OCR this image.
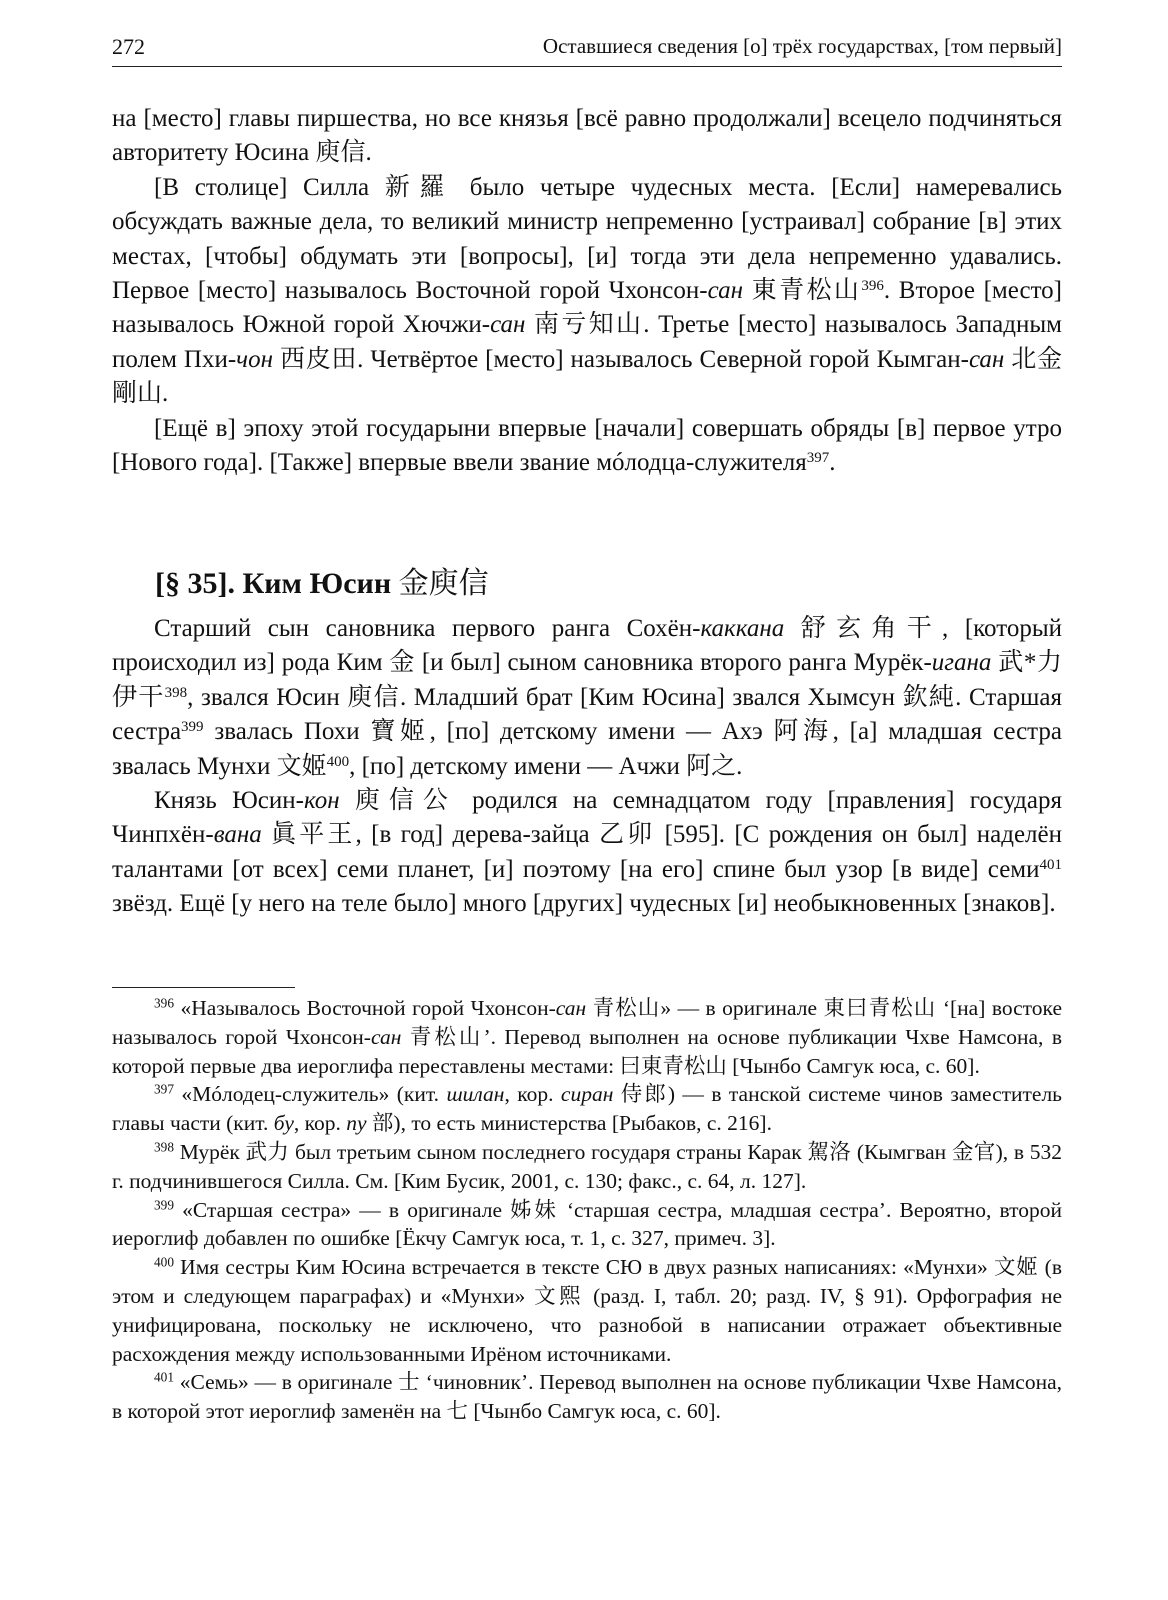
272	Оставшиеся сведения [о] трёх государствах, [том первый]

на [место] главы пиршества, но все князья [всё равно продолжали] всецело подчиняться авторитету Юсина 庾信.

[В столице] Силла 新羅 было четыре чудесных места. [Если] намеревались обсуждать важные дела, то великий министр непременно [устраивал] собрание [в] этих местах, [чтобы] обдумать эти [вопросы], [и] тогда эти дела непременно удавались. Первое [место] называлось Восточной горой Чхонсон-сан 東青松山$^{396}$. Второе [место] называлось Южной горой Хючжи-сан 南亏知山. Третье [место] называлось Западным полем Пхи-чон 西皮田. Четвёртое [место] называлось Северной горой Кымган-сан 北金剛山.

[Ещё в] эпоху этой государыни впервые [начали] совершать обряды [в] первое утро [Нового года]. [Также] впервые ввели звание мóлодца-служителя$^{397}$.

[§ 35]. Ким Юсин 金庾信

Старший сын сановника первого ранга Сохён-каккана 舒玄角干, [который происходил из] рода Ким 金 [и был] сыном сановника второго ранга Мурёк-игана 武*力伊干$^{398}$, звался Юсин 庾信. Младший брат [Ким Юсина] звался Хымсун 欽純. Старшая сестра$^{399}$ звалась Похи 寶姬, [по] детскому имени — Ахэ 阿海, [а] младшая сестра звалась Мунхи 文姬$^{400}$, [по] детскому имени — Ачжи 阿之.

Князь Юсин-кон 庾信公 родился на семнадцатом году [правления] государя Чинпхён-вана 眞平王, [в год] дерева-зайца 乙卯 [595]. [С рождения он был] наделён талантами [от всех] семи планет, [и] поэтому [на его] спине был узор [в виде] семи$^{401}$ звёзд. Ещё [у него на теле было] много [других] чудесных [и] необыкновенных [знаков].

$^{396}$ «Называлось Восточной горой Чхонсон-сан 青松山» — в оригинале 東曰青松山 ‘[на] востоке называлось горой Чхонсон-сан 青松山’. Перевод выполнен на основе публикации Чхве Намсона, в которой первые два иероглифа переставлены местами: 曰東青松山 [Чынбо Самгук юса, с. 60].

$^{397}$ «Мóлодец-служитель» (кит. шилан, кор. сиран 侍郎) — в танской системе чинов заместитель главы части (кит. бу, кор. пу 部), то есть министерства [Рыбаков, с. 216].

$^{398}$ Мурёк 武力 был третьим сыном последнего государя страны Карак 駕洛 (Кымгван 金官), в 532 г. подчинившегося Силла. См. [Ким Бусик, 2001, с. 130; факс., с. 64, л. 127].

$^{399}$ «Старшая сестра» — в оригинале 姊妹 ‘старшая сестра, младшая сестра’. Вероятно, второй иероглиф добавлен по ошибке [Ёкчу Самгук юса, т. 1, с. 327, примеч. 3].

$^{400}$ Имя сестры Ким Юсина встречается в тексте СЮ в двух разных написаниях: «Мунхи» 文姬 (в этом и следующем параграфах) и «Мунхи» 文熙 (разд. I, табл. 20; разд. IV, § 91). Орфография не унифицирована, поскольку не исключено, что разнобой в написании отражает объективные расхождения между использованными Ирёном источниками.

$^{401}$ «Семь» — в оригинале 士 ‘чиновник’. Перевод выполнен на основе публикации Чхве Намсона, в которой этот иероглиф заменён на 七 [Чынбо Самгук юса, с. 60].
